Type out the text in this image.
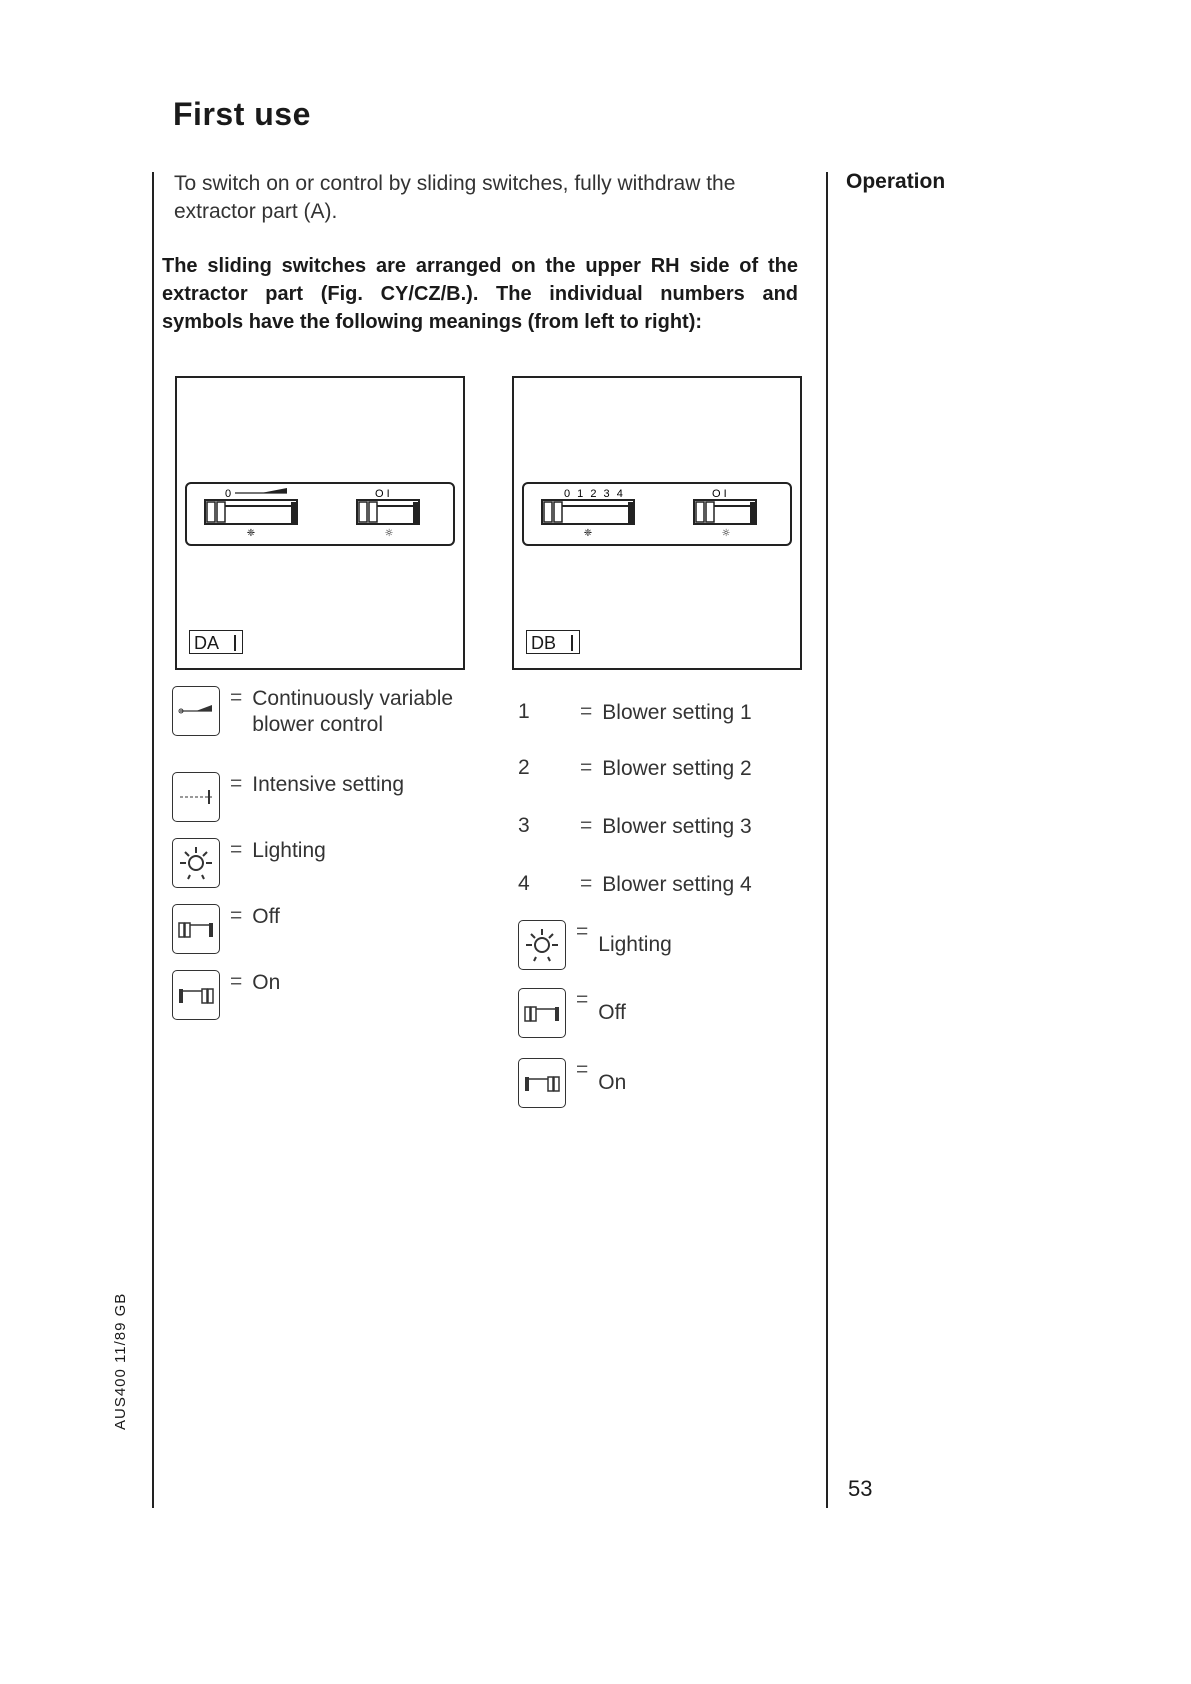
First use
To switch on or control by sliding switches, fully withdraw the extractor part (A).
The sliding switches are arranged on the upper RH side of the extractor part (Fig. CY/CZ/B.). The individual numbers and symbols have the following meanings (from left to right):
Operation
53
AUS400 11/89 GB
0
❈
O I
☼
DA
0 1 2 3 4
❈
O I
☼
DB
= Continuously variable blower control
= Intensive setting
= Lighting
= Off
= On
1	= Blower setting 1
2	= Blower setting 2
3	= Blower setting 3
4	= Blower setting 4
=
Lighting
=
Off
=
On
